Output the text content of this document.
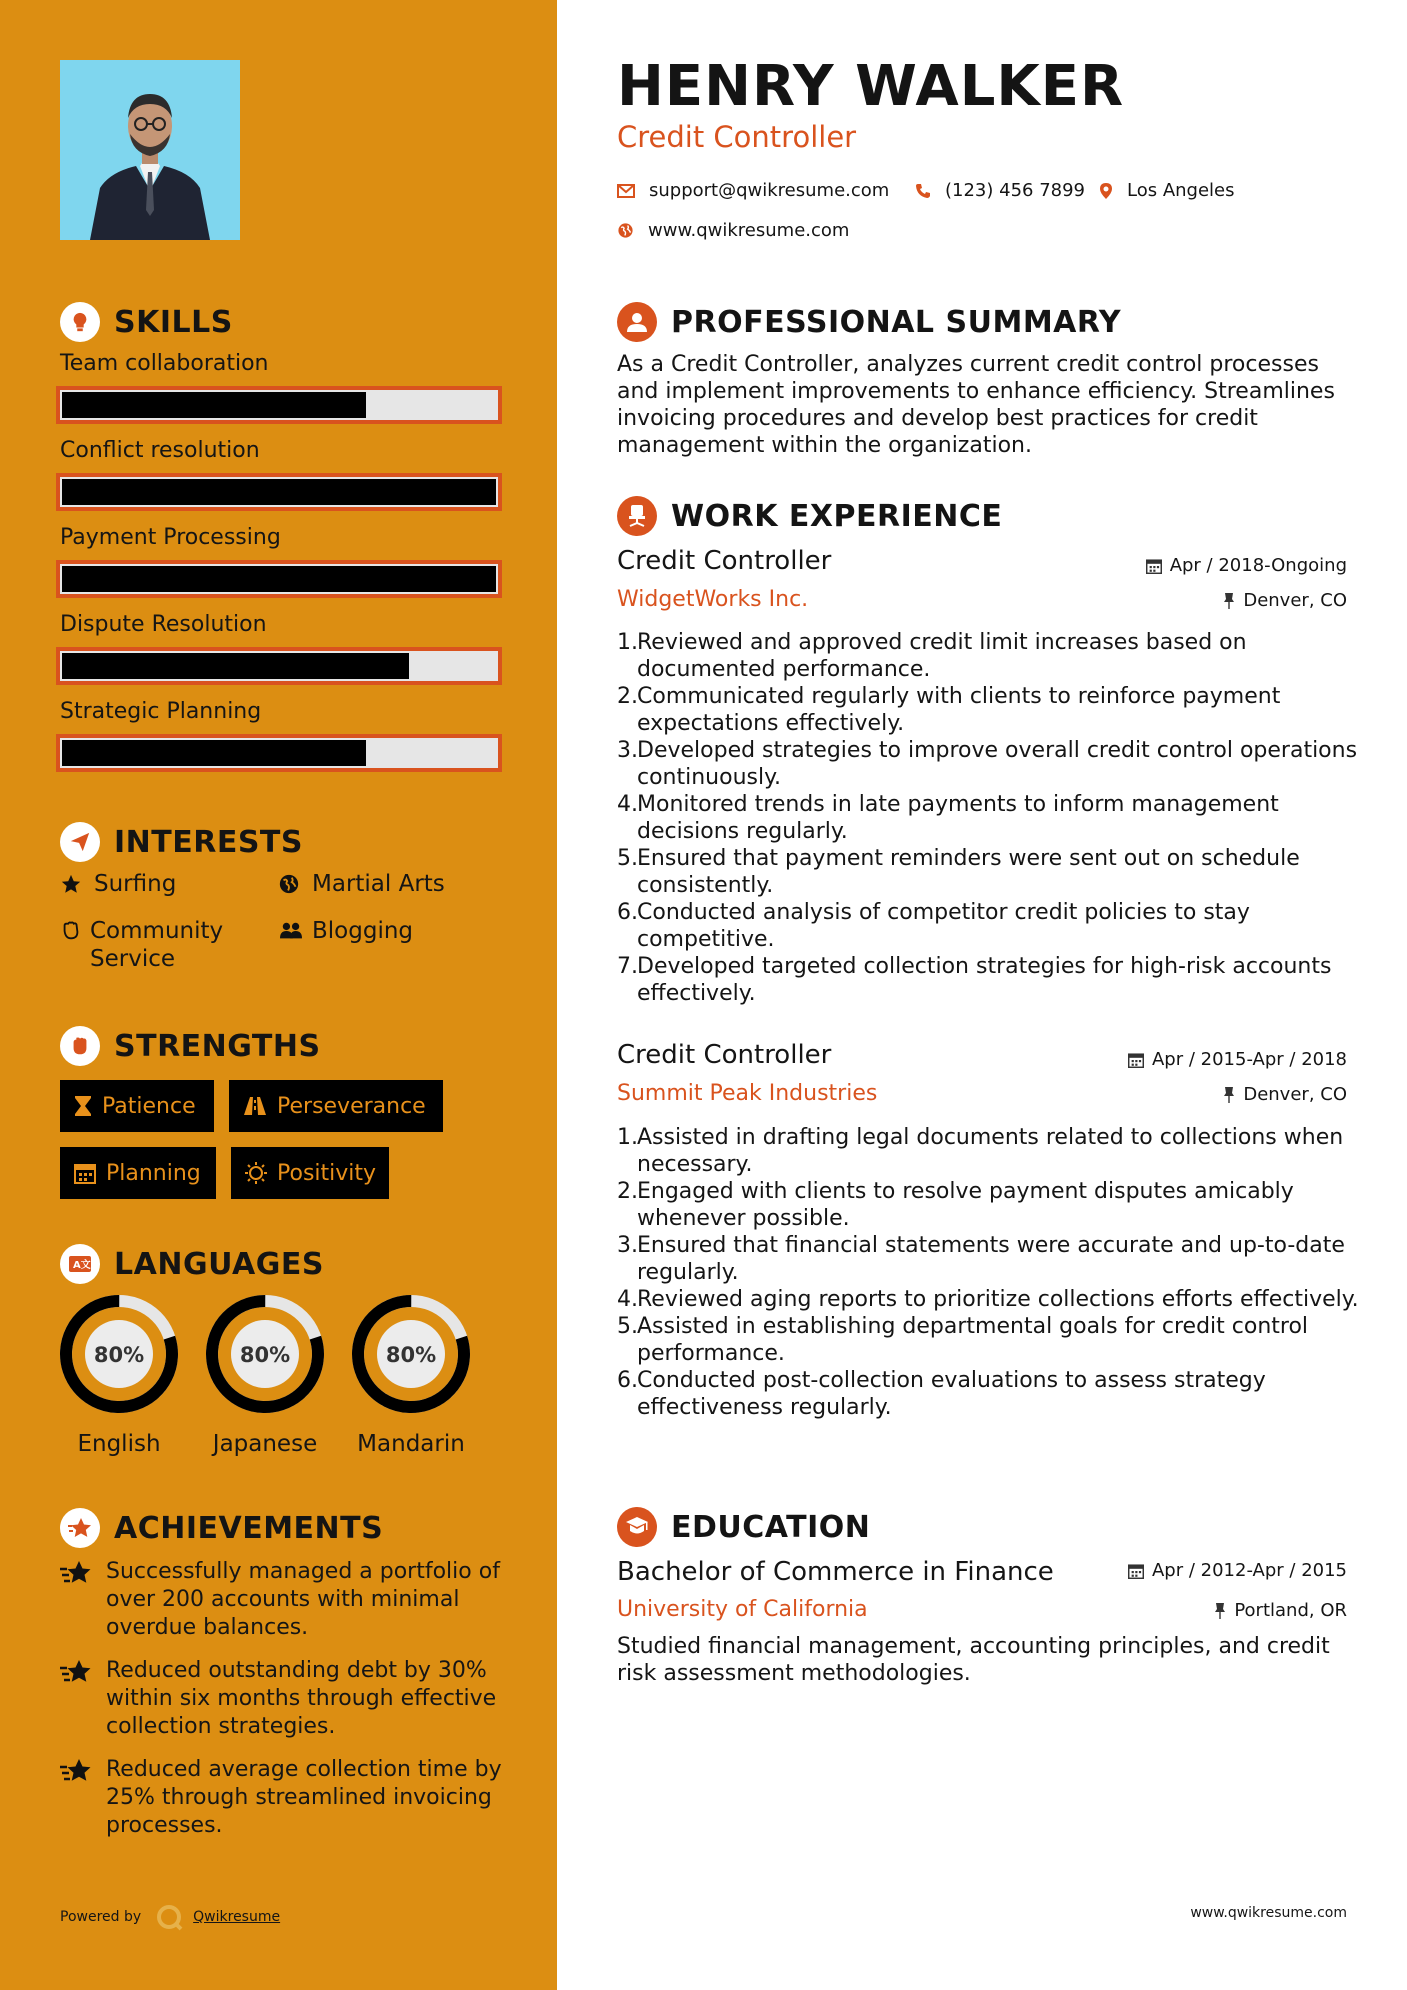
SKILLS
Team collaboration
Conflict resolution
Payment Processing
Dispute Resolution
Strategic Planning
INTERESTS
Surfing	Martial Arts
Community Service
Blogging
STRENGTHS
Patience	Perseverance
Planning	Positivity
A文 LANGUAGES
80%
English
80%
Japanese
80%
Mandarin
ACHIEVEMENTS
Successfully managed a portfolio of over 200 accounts with minimal overdue balances.
Reduced outstanding debt by 30% within six months through effective collection strategies.
Reduced average collection time by 25% through streamlined invoicing processes.
Powered by	Qwikresume
HENRY WALKER
Credit Controller
support@qwikresume.com	(123) 456 7899 Los Angeles
www.qwikresume.com
PROFESSIONAL SUMMARY
As a Credit Controller, analyzes current credit control processes and implement improvements to enhance efficiency. Streamlines invoicing procedures and develop best practices for credit management within the organization.
WORK EXPERIENCE
Credit Controller	Apr / 2018-Ongoing
WidgetWorks Inc.	Denver, CO
1. Reviewed and approved credit limit increases based on documented performance.
2. Communicated regularly with clients to reinforce payment expectations effectively.
3. Developed strategies to improve overall credit control operations continuously.
4. Monitored trends in late payments to inform management decisions regularly.
5. Ensured that payment reminders were sent out on schedule consistently.
6. Conducted analysis of competitor credit policies to stay competitive.
7. Developed targeted collection strategies for high-risk accounts effectively.
Credit Controller	Apr / 2015-Apr / 2018
Summit Peak Industries	Denver, CO
1. Assisted in drafting legal documents related to collections when necessary.
2. Engaged with clients to resolve payment disputes amicably whenever possible.
3. Ensured that financial statements were accurate and up-to-date regularly.
4. Reviewed aging reports to prioritize collections efforts effectively.
5. Assisted in establishing departmental goals for credit control performance.
6. Conducted post-collection evaluations to assess strategy effectiveness regularly.
EDUCATION
Bachelor of Commerce in Finance	Apr / 2012-Apr / 2015
University of California	Portland, OR
Studied financial management, accounting principles, and credit risk assessment methodologies.
www.qwikresume.com
